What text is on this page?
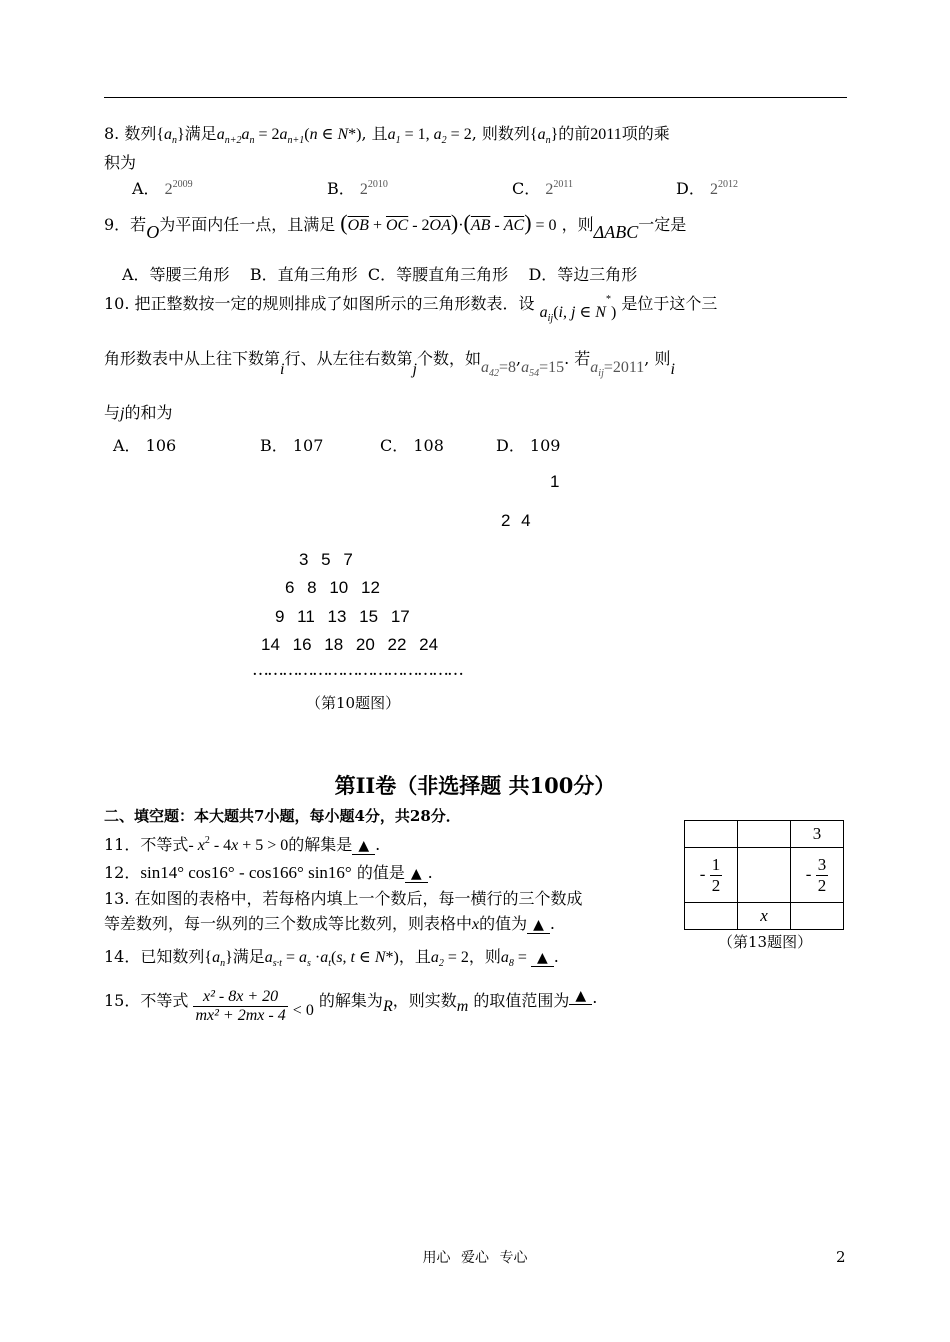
8. 数列$\{a_n\}$满足$a_{n+2}a_n = 2a_{n+1}(n$ ∈ N*), 且$a_1 = 1$, $a_2 = 2$, 则数列$\{a_n\}$的前2011项的乘
积为
A． $2^{2009}$	B． $2^{2010}$	C． $2^{2011}$	D． $2^{2012}$
9．若O为平面内任一点，且满足 $(\overline{OB} + \overline{OC} - 2\overline{OA})\cdot(\overline{AB} - \overline{AC}) = 0$ ，则ΔABC一定是
A．等腰三角形 B．直角三角形 C．等腰直角三角形 D．等边三角形
10. 把正整数按一定的规则排成了如图所示的三角形数表．设 $a_{ij}(i$, j ∈ N*) 是位于这个三
角形数表中从上往下数第i行、从左往右数第j个数，如$a_{42}=8,a_{54}=15$. 若$a_{ij}=2011$, 则i
与j的和为
A． 106	B． 107	C． 108	D． 109
1
2 4
3 5 7
6 8 10 12
9 11 13 15 17
14 16 18 20 22 24
……………………………………
（第10题图）
第II卷（非选择题 共100分）
二、填空题：本大题共7小题，每小题4分，共28分．
11．不等式- $x^2 - 4x + 5 > 0$的解集是 ▲ .
12．sin14° cos16° - cos166° sin16° 的值是 ▲ .
13. 在如图的表格中，若每格内填上一个数后，每一横行的三个数成
等差数列，每一纵列的三个数成等比数列，则表格中x的值为 ▲ .
		3
- $\frac{1}{2}$		- $\frac{3}{2}$

	x	
（第13题图）
14．已知数列$\{a_n\}$满足$a_{s\cdot t} = a_s \cdot a_t(s$, t ∈ N*)，且$a_2 = 2$，则$a_8$ = ▲ .
15．不等式 $\frac{\text{x² - 8x + 20}}{\text{mx² + 2mx - 4}} < 0$ 的解集为R，则实数m 的取值范围为 ▲ .
用心 爱心 专心	2
